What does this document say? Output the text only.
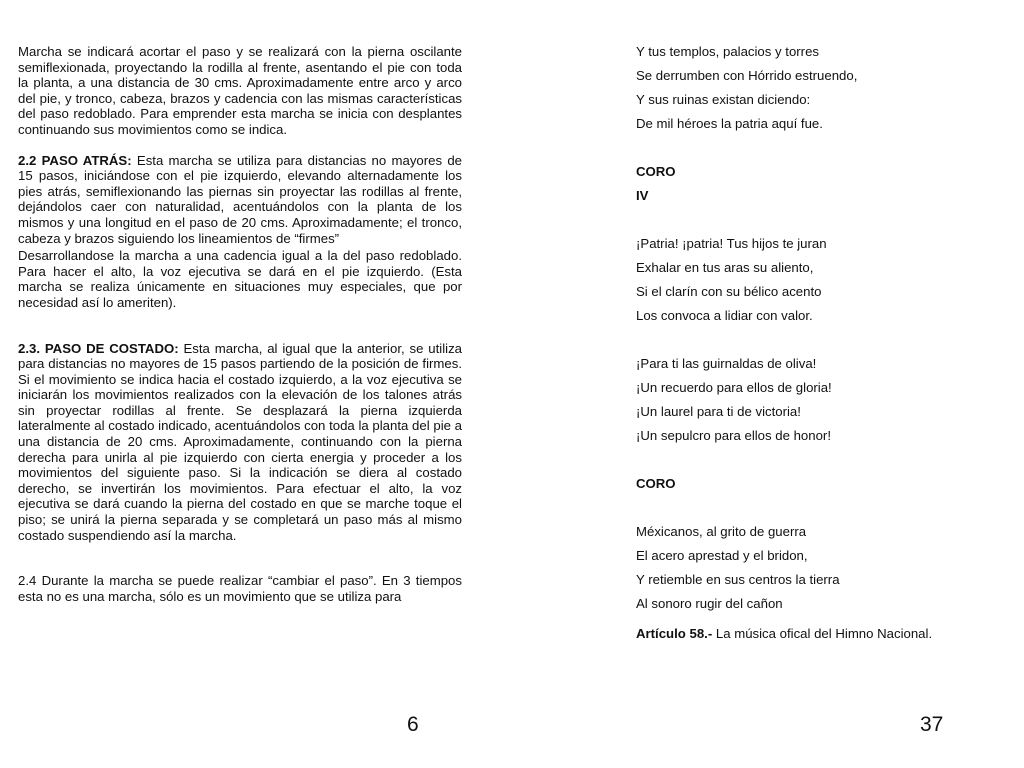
Marcha se indicará acortar el paso y se realizará con la pierna oscilante semiflexionada, proyectando la rodilla al frente, asentando el pie con toda la planta, a una distancia de 30 cms. Aproximadamente entre arco y arco del pie, y tronco, cabeza, brazos y cadencia con las mismas características del paso redoblado. Para emprender esta marcha se inicia con desplantes continuando sus movimientos como se indica.

2.2 PASO ATRÁS: Esta marcha se utiliza para distancias no mayores de 15 pasos, iniciándose con el pie izquierdo, elevando alternadamente los pies atrás, semiflexionando las piernas sin proyectar las rodillas al frente, dejándolos caer con naturalidad, acentuándolos con la planta de los mismos y una longitud en el paso de 20 cms. Aproximadamente; el tronco, cabeza y brazos siguiendo los lineamientos de “firmes”

Desarrollandose la marcha a una cadencia igual a la del paso redoblado. Para hacer el alto, la voz ejecutiva se dará en el pie izquierdo. (Esta marcha se realiza únicamente en situaciones muy especiales, que por necesidad así lo ameriten).

2.3. PASO DE COSTADO: Esta marcha, al igual que la anterior, se utiliza para distancias no mayores de 15 pasos partiendo de la posición de firmes. Si el movimiento se indica hacia el costado izquierdo, a la voz ejecutiva se iniciarán los movimientos realizados con la elevación de los talones atrás sin proyectar rodillas al frente. Se desplazará la pierna izquierda lateralmente al costado indicado, acentuándolos con toda la planta del pie a una distancia de 20 cms. Aproximadamente, continuando con la pierna derecha para unirla al pie izquierdo con cierta energia y proceder a los movimientos del siguiente paso. Si la indicación se diera al costado derecho, se invertirán los movimientos. Para efectuar el alto, la voz ejecutiva se dará cuando la pierna del costado en que se marche toque el piso; se unirá la pierna separada y se completará un paso más al mismo costado suspendiendo así la marcha.

2.4 Durante la marcha se puede realizar “cambiar el paso”. En 3 tiempos esta no es una marcha, sólo es un movimiento que se utiliza para

6
Y tus templos, palacios y torres
Se derrumben con Hórrido estruendo,
Y sus ruinas existan diciendo:
De mil héroes la patria aquí fue.
CORO
IV
¡Patria! ¡patria! Tus hijos te juran
Exhalar en tus aras su aliento,
Si el clarín con su bélico acento
Los convoca a lidiar con valor.
¡Para ti las guirnaldas de oliva!
¡Un recuerdo para ellos de gloria!
¡Un laurel para ti de victoria!
¡Un sepulcro para ellos de honor!
CORO
Méxicanos, al grito de guerra
El acero aprestad y el bridon,
Y retiemble en sus centros la tierra
Al sonoro rugir del cañon
Artículo 58.- La música ofical del Himno Nacional.
37
